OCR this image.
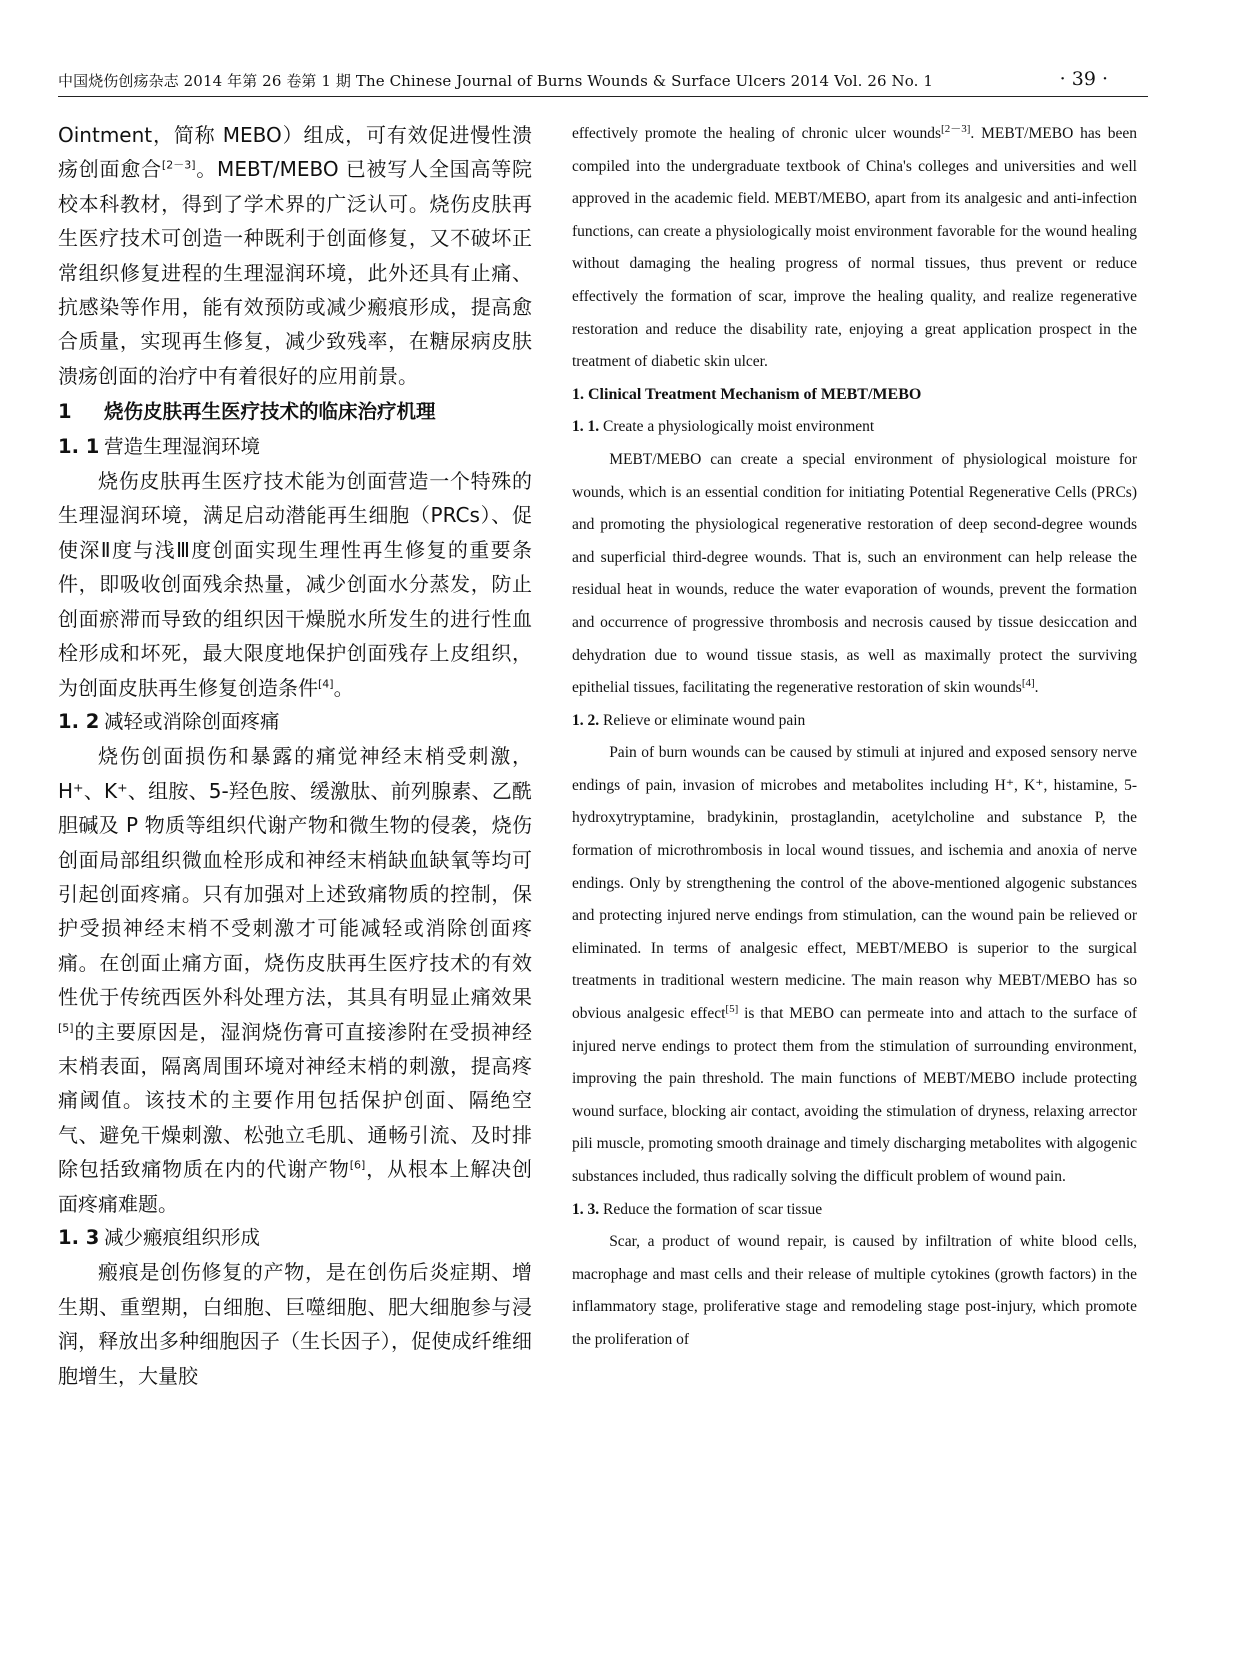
中国烧伤创疡杂志 2014 年第 26 卷第 1 期 The Chinese Journal of Burns Wounds & Surface Ulcers 2014 Vol. 26 No. 1	· 39 ·

Ointment，简称 MEBO）组成，可有效促进慢性溃疡创面愈合[2－3]。MEBT/MEBO 已被写人全国高等院校本科教材，得到了学术界的广泛认可。烧伤皮肤再生医疗技术可创造一种既利于创面修复，又不破坏正常组织修复进程的生理湿润环境，此外还具有止痛、抗感染等作用，能有效预防或减少瘢痕形成，提高愈合质量，实现再生修复，减少致残率，在糖尿病皮肤溃疡创面的治疗中有着很好的应用前景。

1 烧伤皮肤再生医疗技术的临床治疗机理
1. 1 营造生理湿润环境

烧伤皮肤再生医疗技术能为创面营造一个特殊的生理湿润环境，满足启动潜能再生细胞（PRCs）、促使深Ⅱ度与浅Ⅲ度创面实现生理性再生修复的重要条件，即吸收创面残余热量，减少创面水分蒸发，防止创面瘀滞而导致的组织因干燥脱水所发生的进行性血栓形成和坏死，最大限度地保护创面残存上皮组织，为创面皮肤再生修复创造条件[4]。

1. 2 减轻或消除创面疼痛

烧伤创面损伤和暴露的痛觉神经末梢受刺激，H⁺、K⁺、组胺、5-羟色胺、缓激肽、前列腺素、乙酰胆碱及 P 物质等组织代谢产物和微生物的侵袭，烧伤创面局部组织微血栓形成和神经末梢缺血缺氧等均可引起创面疼痛。只有加强对上述致痛物质的控制，保护受损神经末梢不受刺激才可能减轻或消除创面疼痛。在创面止痛方面，烧伤皮肤再生医疗技术的有效性优于传统西医外科处理方法，其具有明显止痛效果[5]的主要原因是，湿润烧伤膏可直接渗附在受损神经末梢表面，隔离周围环境对神经末梢的刺激，提高疼痛阈值。该技术的主要作用包括保护创面、隔绝空气、避免干燥刺激、松弛立毛肌、通畅引流、及时排除包括致痛物质在内的代谢产物[6]，从根本上解决创面疼痛难题。

1. 3 减少瘢痕组织形成

瘢痕是创伤修复的产物，是在创伤后炎症期、增生期、重塑期，白细胞、巨噬细胞、肥大细胞参与浸润，释放出多种细胞因子（生长因子），促使成纤维细胞增生，大量胶

effectively promote the healing of chronic ulcer wounds[2－3]. MEBT/MEBO has been compiled into the undergraduate textbook of China's colleges and universities and well approved in the academic field. MEBT/MEBO, apart from its analgesic and anti-infection functions, can create a physiologically moist environment favorable for the wound healing without damaging the healing progress of normal tissues, thus prevent or reduce effectively the formation of scar, improve the healing quality, and realize regenerative restoration and reduce the disability rate, enjoying a great application prospect in the treatment of diabetic skin ulcer.

1. Clinical Treatment Mechanism of MEBT/MEBO
1. 1. Create a physiologically moist environment

MEBT/MEBO can create a special environment of physiological moisture for wounds, which is an essential condition for initiating Potential Regenerative Cells (PRCs) and promoting the physiological regenerative restoration of deep second-degree wounds and superficial third-degree wounds. That is, such an environment can help release the residual heat in wounds, reduce the water evaporation of wounds, prevent the formation and occurrence of progressive thrombosis and necrosis caused by tissue desiccation and dehydration due to wound tissue stasis, as well as maximally protect the surviving epithelial tissues, facilitating the regenerative restoration of skin wounds[4].

1. 2. Relieve or eliminate wound pain

Pain of burn wounds can be caused by stimuli at injured and exposed sensory nerve endings of pain, invasion of microbes and metabolites including H⁺, K⁺, histamine, 5-hydroxytryptamine, bradykinin, prostaglandin, acetylcholine and substance P, the formation of microthrombosis in local wound tissues, and ischemia and anoxia of nerve endings. Only by strengthening the control of the above-mentioned algogenic substances and protecting injured nerve endings from stimulation, can the wound pain be relieved or eliminated. In terms of analgesic effect, MEBT/MEBO is superior to the surgical treatments in traditional western medicine. The main reason why MEBT/MEBO has so obvious analgesic effect[5] is that MEBO can permeate into and attach to the surface of injured nerve endings to protect them from the stimulation of surrounding environment, improving the pain threshold. The main functions of MEBT/MEBO include protecting wound surface, blocking air contact, avoiding the stimulation of dryness, relaxing arrector pili muscle, promoting smooth drainage and timely discharging metabolites with algogenic substances included, thus radically solving the difficult problem of wound pain.

1. 3. Reduce the formation of scar tissue

Scar, a product of wound repair, is caused by infiltration of white blood cells, macrophage and mast cells and their release of multiple cytokines (growth factors) in the inflammatory stage, proliferative stage and remodeling stage post-injury, which promote the proliferation of
